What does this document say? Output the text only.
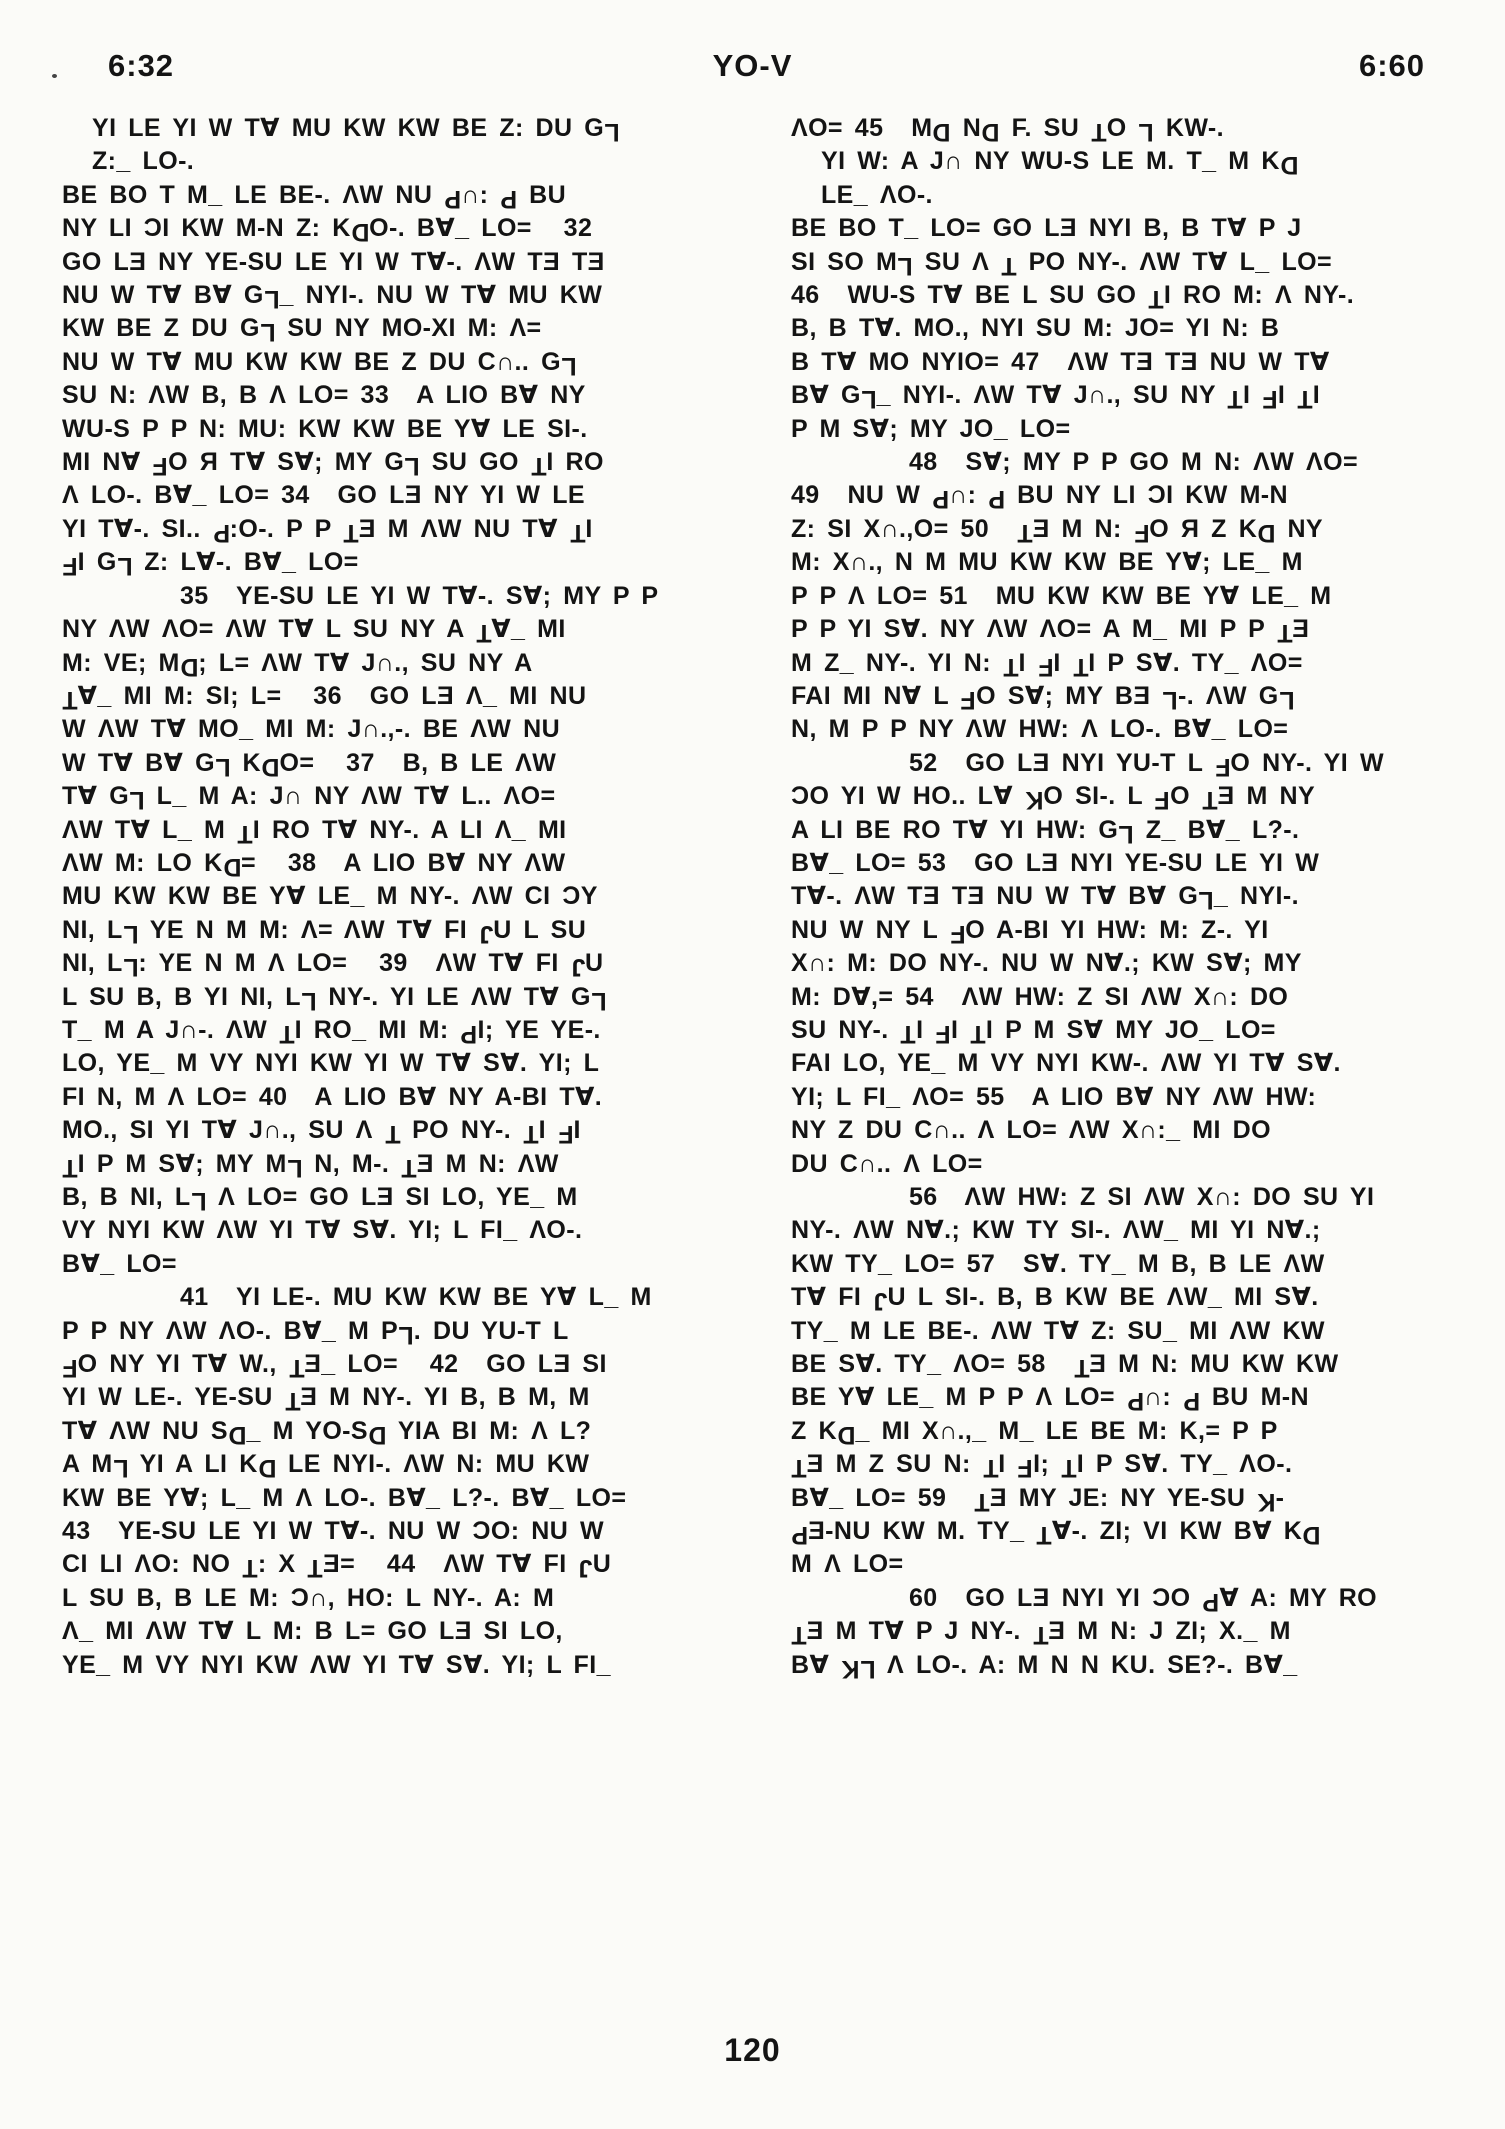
6:32	YO-V	6:60
YI LE YI W T∀ MU KW KW BE Z: DU GL
Z:_ LO-.
BE BO T M_ LE BE-. ΛW NU P∩: P BU
NY LI ƆI KW M-N Z: KDO-. B∀_ LO= 32
GO LƎ NY YE-SU LE YI W T∀-. ΛW TƎ TƎ
NU W T∀ B∀ GL_ NYI-. NU W T∀ MU KW
KW BE Z DU GL SU NY MO-XI M: Λ=
NU W T∀ MU KW KW BE Z DU C∩.. GL
SU N: ΛW B, B Λ LO= 33 A LIO B∀ NY
WU-S P P N: MU: KW KW BE Y∀ LE SI-.
MI N∀ FO Я T∀ S∀; MY GL SU GO TI RO
Λ LO-. B∀_ LO= 34 GO LƎ NY YI W LE
YI T∀-. SI.. P:O-. P P TƎ M ΛW NU T∀ TI
FI GL Z: L∀-. B∀_ LO=
35 YE-SU LE YI W T∀-. S∀; MY P P
NY ΛW ΛO= ΛW T∀ L SU NY A T∀_ MI
M: VE; MD; L= ΛW T∀ J∩., SU NY A
T∀_ MI M: SI; L= 36 GO LƎ Λ_ MI NU
W ΛW T∀ MO_ MI M: J∩.,-. BE ΛW NU
W T∀ B∀ GL KDO= 37 B, B LE ΛW
T∀ GL L_ M A: J∩ NY ΛW T∀ L.. ΛO=
ΛW T∀ L_ M TI RO T∀ NY-. A LI Λ_ MI
ΛW M: LO KD= 38 A LIO B∀ NY ΛW
MU KW KW BE Y∀ LE_ M NY-. ΛW CI ƆY
NI, LL YE N M M: Λ= ΛW T∀ FI JU L SU
NI, LL: YE N M Λ LO= 39 ΛW T∀ FI JU
L SU B, B YI NI, LL NY-. YI LE ΛW T∀ GL
T_ M A J∩-. ΛW TI RO_ MI M: PI; YE YE-.
LO, YE_ M VY NYI KW YI W T∀ S∀. YI; L
FI N, M Λ LO= 40 A LIO B∀ NY A-BI T∀.
MO., SI YI T∀ J∩., SU Λ T PO NY-. TI FI
TI P M S∀; MY ML N, M-. TƎ M N: ΛW
B, B NI, LL Λ LO= GO LƎ SI LO, YE_ M
VY NYI KW ΛW YI T∀ S∀. YI; L FI_ ΛO-.
B∀_ LO=
41 YI LE-. MU KW KW BE Y∀ L_ M
P P NY ΛW ΛO-. B∀_ M PL. DU YU-T L
FO NY YI T∀ W., TƎ_ LO= 42 GO LƎ SI
YI W LE-. YE-SU TƎ M NY-. YI B, B M, M
T∀ ΛW NU SD_ M YO-SD YIA BI M: Λ L?
A ML YI A LI KD LE NYI-. ΛW N: MU KW
KW BE Y∀; L_ M Λ LO-. B∀_ L?-. B∀_ LO=
43 YE-SU LE YI W T∀-. NU W ƆO: NU W
CI LI ΛO: NO T: X TƎ= 44 ΛW T∀ FI JU
L SU B, B LE M: Ɔ∩, HO: L NY-. A: M
Λ_ MI ΛW T∀ L M: B L= GO LƎ SI LO,
YE_ M VY NYI KW ΛW YI T∀ S∀. YI; L FI_
ΛO= 45 MD ND F. SU TO L KW-.
YI W: A J∩ NY WU-S LE M. T_ M KD
LE_ ΛO-.
BE BO T_ LO= GO LƎ NYI B, B T∀ P J
SI SO ML SU Λ T PO NY-. ΛW T∀ L_ LO=
46 WU-S T∀ BE L SU GO TI RO M: Λ NY-.
B, B T∀. MO., NYI SU M: JO= YI N: B
B T∀ MO NYIO= 47 ΛW TƎ TƎ NU W T∀
B∀ GL_ NYI-. ΛW T∀ J∩., SU NY TI FI TI
P M S∀; MY JO_ LO=
48 S∀; MY P P GO M N: ΛW ΛO=
49 NU W P∩: P BU NY LI ƆI KW M-N
Z: SI X∩.,O= 50 TƎ M N: FO Я Z KD NY
M: X∩., N M MU KW KW BE Y∀; LE_ M
P P Λ LO= 51 MU KW KW BE Y∀ LE_ M
P P YI S∀. NY ΛW ΛO= A M_ MI P P TƎ
M Z_ NY-. YI N: TI FI TI P S∀. TY_ ΛO=
FAI MI N∀ L FO S∀; MY BƎ L-. ΛW GL
N, M P P NY ΛW HW: Λ LO-. B∀_ LO=
52 GO LƎ NYI YU-T L FO NY-. YI W
ƆO YI W HO.. L∀ KO SI-. L FO TƎ M NY
A LI BE RO T∀ YI HW: GL Z_ B∀_ L?-.
B∀_ LO= 53 GO LƎ NYI YE-SU LE YI W
T∀-. ΛW TƎ TƎ NU W T∀ B∀ GL_ NYI-.
NU W NY L FO A-BI YI HW: M: Z-. YI
X∩: M: DO NY-. NU W N∀.; KW S∀; MY
M: D∀,= 54 ΛW HW: Z SI ΛW X∩: DO
SU NY-. TI FI TI P M S∀ MY JO_ LO=
FAI LO, YE_ M VY NYI KW-. ΛW YI T∀ S∀.
YI; L FI_ ΛO= 55 A LIO B∀ NY ΛW HW:
NY Z DU C∩.. Λ LO= ΛW X∩:_ MI DO
DU C∩.. Λ LO=
56 ΛW HW: Z SI ΛW X∩: DO SU YI
NY-. ΛW N∀.; KW TY SI-. ΛW_ MI YI N∀.;
KW TY_ LO= 57 S∀. TY_ M B, B LE ΛW
T∀ FI JU L SI-. B, B KW BE ΛW_ MI S∀.
TY_ M LE BE-. ΛW T∀ Z: SU_ MI ΛW KW
BE S∀. TY_ ΛO= 58 TƎ M N: MU KW KW
BE Y∀ LE_ M P P Λ LO= P∩: P BU M-N
Z KD_ MI X∩.,_ M_ LE BE M: K,= P P
TƎ M Z SU N: TI FI; TI P S∀. TY_ ΛO-.
B∀_ LO= 59 TƎ MY JE: NY YE-SU K-
PƎ-NU KW M. TY_ T∀-. ZI; VI KW B∀ KD
M Λ LO=
60 GO LƎ NYI YI ƆO P∀ A: MY RO
TƎ M T∀ P J NY-. TƎ M N: J ZI; X._ M
B∀ KL Λ LO-. A: M N N KU. SE?-. B∀_
120
